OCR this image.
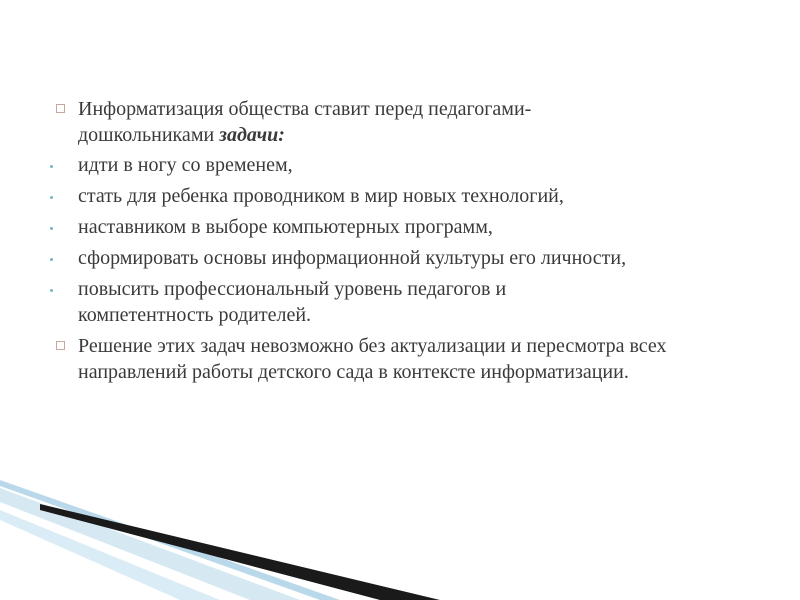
Информатизация общества ставит перед педагогами-
дошкольниками задачи:
идти в ногу со временем,
стать для ребенка проводником в мир новых технологий,
наставником в выборе компьютерных программ,
сформировать основы информационной культуры его личности,
повысить профессиональный уровень педагогов и компетентность родителей.
Решение этих задач невозможно без актуализации и пересмотра всех направлений работы детского сада в контексте информатизации.
